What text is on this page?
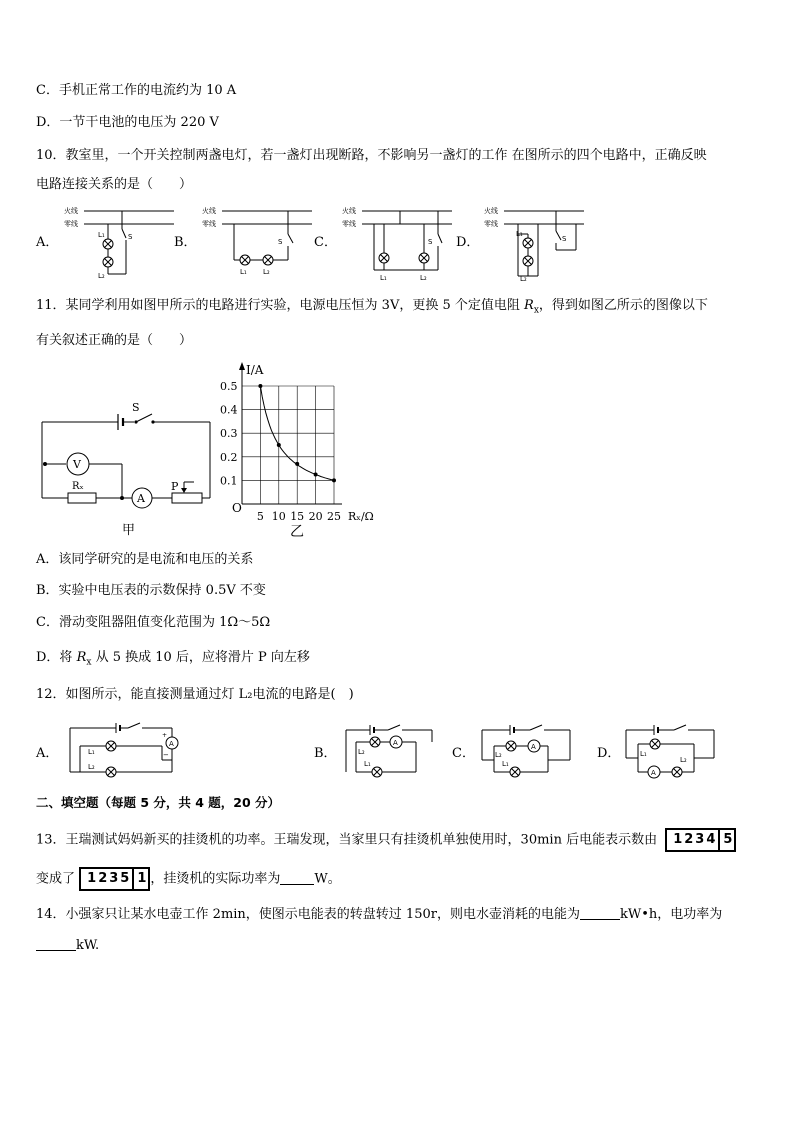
C．手机正常工作的电流约为 10 A
D．一节干电池的电压为 220 V
10．教室里，一个开关控制两盏电灯，若一盏灯出现断路，不影响另一盏灯的工作 在图所示的四个电路中，正确反映
电路连接关系的是（　　）
A．	B．	C．	D．
火线
零线
S
L₁
L₂
火线
零线
S
L₁ L₂
火线
零线
S
L₁	L₂
火线
零线
S
L₁
L₂
11．某同学利用如图甲所示的电路进行实验，电源电压恒为 3V，更换 5 个定值电阻 $R_x$，得到如图乙所示的图像以下
有关叙述正确的是（　　）
S
V
Rₓ
A
P
甲
I/A
Rₓ/Ω
O
0.5
0.4
0.3
0.2
0.1
5 10 15 20 25
乙
A．该同学研究的是电流和电压的关系
B．实验中电压表的示数保持 0.5V 不变
C．滑动变阻器阻值变化范围为 1Ω～5Ω
D．将 $R_x$ 从 5 换成 10 后，应将滑片 P 向左移
12．如图所示，能直接测量通过灯 L₂电流的电路是(　)
A．	B．	C．	D．
A
+
−
L₁
L₂
A
L₂
L₁
A
L₂
L₁
A
L₁
L₂
二、填空题（每题 5 分，共 4 题，20 分）
13．王瑞测试妈妈新买的挂烫机的功率。王瑞发现，当家里只有挂烫机单独使用时，30min 后电能表示数由 1234 5
变成了 1235 1 ，挂烫机的实际功率为	W。
14．小强家只让某水电壶工作 2min，使图示电能表的转盘转过 150r，则电水壶消耗的电能为	kW•h，电功率为
kW.
